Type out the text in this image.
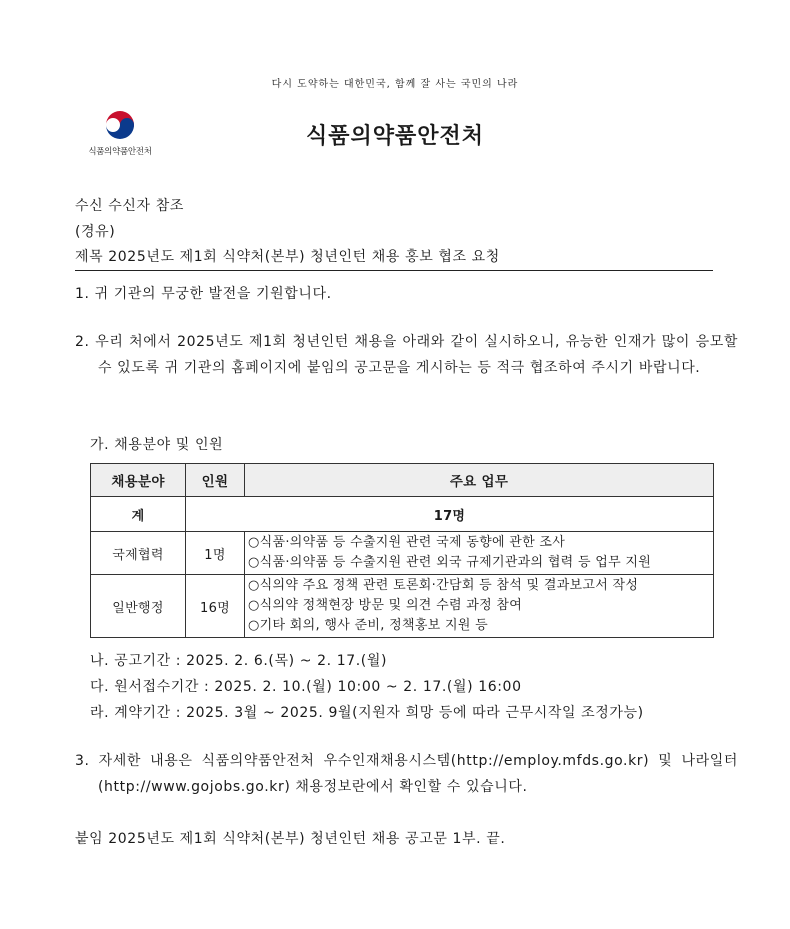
다시 도약하는 대한민국, 함께 잘 사는 국민의 나라
식품의약품안전처
식품의약품안전처
수신 수신자 참조
(경유)
제목 2025년도 제1회 식약처(본부) 청년인턴 채용 홍보 협조 요청
1. 귀 기관의 무궁한 발전을 기원합니다.
2. 우리 처에서 2025년도 제1회 청년인턴 채용을 아래와 같이 실시하오니, 유능한 인재가 많이 응모할 수 있도록 귀 기관의 홈페이지에 붙임의 공고문을 게시하는 등 적극 협조하여 주시기 바랍니다.
가. 채용분야 및 인원
채용분야	인원	주요 업무
계	17명	
국제협력	1명	○식품·의약품 등 수출지원 관련 국제 동향에 관한 조사
○식품·의약품 등 수출지원 관련 외국 규제기관과의 협력 등 업무 지원

일반행정	16명	○식의약 주요 정책 관련 토론회·간담회 등 참석 및 결과보고서 작성
○식의약 정책현장 방문 및 의견 수렴 과정 참여
○기타 회의, 행사 준비, 정책홍보 지원 등
나. 공고기간 : 2025. 2. 6.(목) ~ 2. 17.(월)
다. 원서접수기간 : 2025. 2. 10.(월) 10:00 ~ 2. 17.(월) 16:00
라. 계약기간 : 2025. 3월 ~ 2025. 9월(지원자 희망 등에 따라 근무시작일 조정가능)
3. 자세한 내용은 식품의약품안전처 우수인재채용시스템(http://employ.mfds.go.kr) 및 나라일터(http://www.gojobs.go.kr) 채용정보란에서 확인할 수 있습니다.
붙임 2025년도 제1회 식약처(본부) 청년인턴 채용 공고문 1부. 끝.
